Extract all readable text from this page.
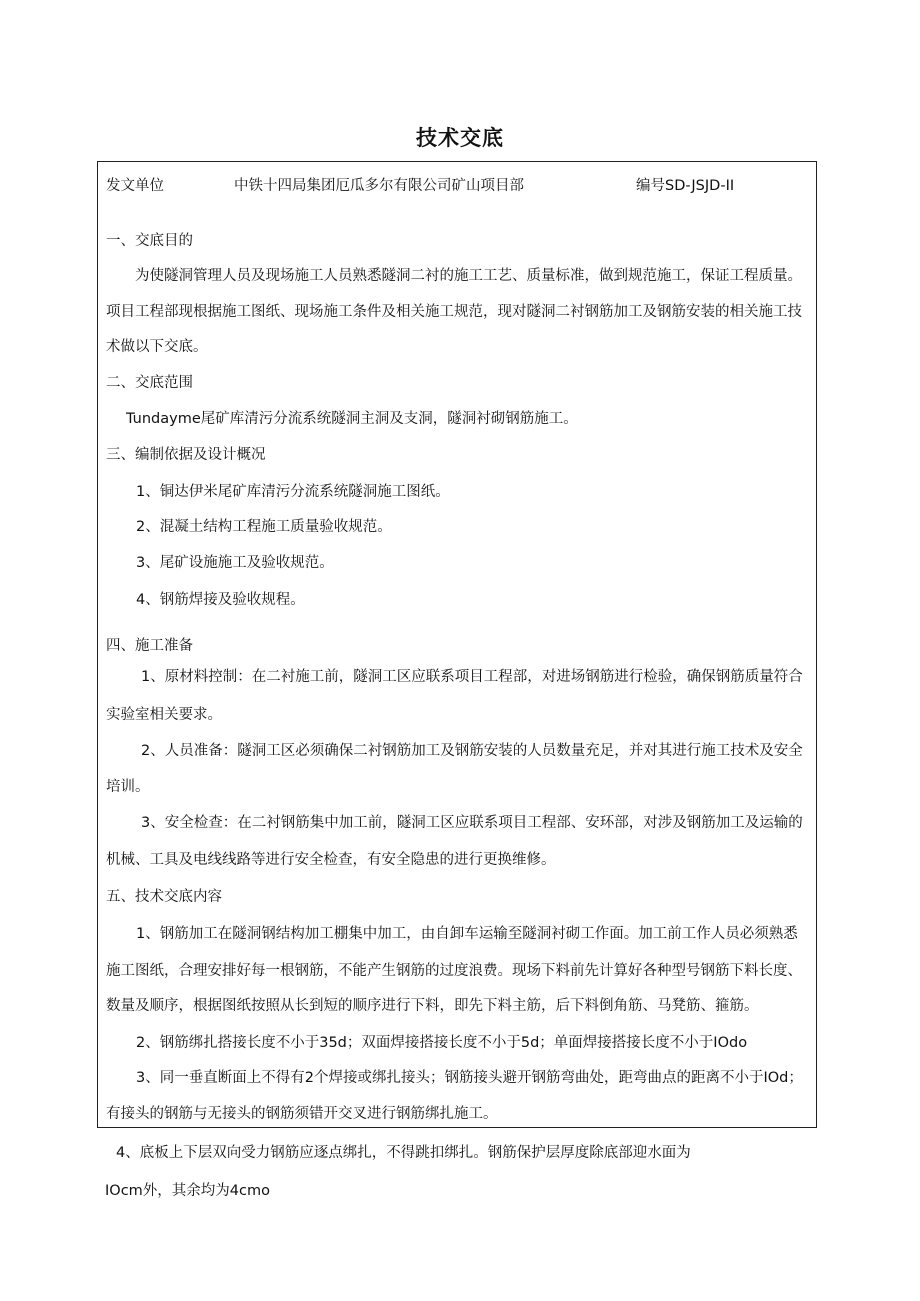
技术交底
发文单位	中铁十四局集团厄瓜多尔有限公司矿山项目部	编号SD-JSJD-II
一、交底目的
为使隧洞管理人员及现场施工人员熟悉隧洞二衬的施工工艺、质量标准，做到规范施工，保证工程质量。
项目工程部现根据施工图纸、现场施工条件及相关施工规范，现对隧洞二衬钢筋加工及钢筋安装的相关施工技
术做以下交底。
二、交底范围
Tundayme尾矿库清污分流系统隧洞主洞及支洞，隧洞衬砌钢筋施工。
三、编制依据及设计概况
1、铜达伊米尾矿库清污分流系统隧洞施工图纸。
2、混凝土结构工程施工质量验收规范。
3、尾矿设施施工及验收规范。
4、钢筋焊接及验收规程。
四、施工准备
1、原材料控制：在二衬施工前，隧洞工区应联系项目工程部，对进场钢筋进行检验，确保钢筋质量符合
实验室相关要求。
2、人员准备：隧洞工区必须确保二衬钢筋加工及钢筋安装的人员数量充足，并对其进行施工技术及安全
培训。
3、安全检查：在二衬钢筋集中加工前，隧洞工区应联系项目工程部、安环部，对涉及钢筋加工及运输的
机械、工具及电线线路等进行安全检查，有安全隐患的进行更换维修。
五、技术交底内容
1、钢筋加工在隧洞钢结构加工棚集中加工，由自卸车运输至隧洞衬砌工作面。加工前工作人员必须熟悉
施工图纸，合理安排好每一根钢筋，不能产生钢筋的过度浪费。现场下料前先计算好各种型号钢筋下料长度、
数量及顺序，根据图纸按照从长到短的顺序进行下料，即先下料主筋，后下料倒角筋、马凳筋、箍筋。
2、钢筋绑扎搭接长度不小于35d；双面焊接搭接长度不小于5d；单面焊接搭接长度不小于IOdo
3、同一垂直断面上不得有2个焊接或绑扎接头；钢筋接头避开钢筋弯曲处，距弯曲点的距离不小于IOd；
有接头的钢筋与无接头的钢筋须错开交叉进行钢筋绑扎施工。
4、底板上下层双向受力钢筋应逐点绑扎，不得跳扣绑扎。钢筋保护层厚度除底部迎水面为
IOcm外，其余均为4cmo
